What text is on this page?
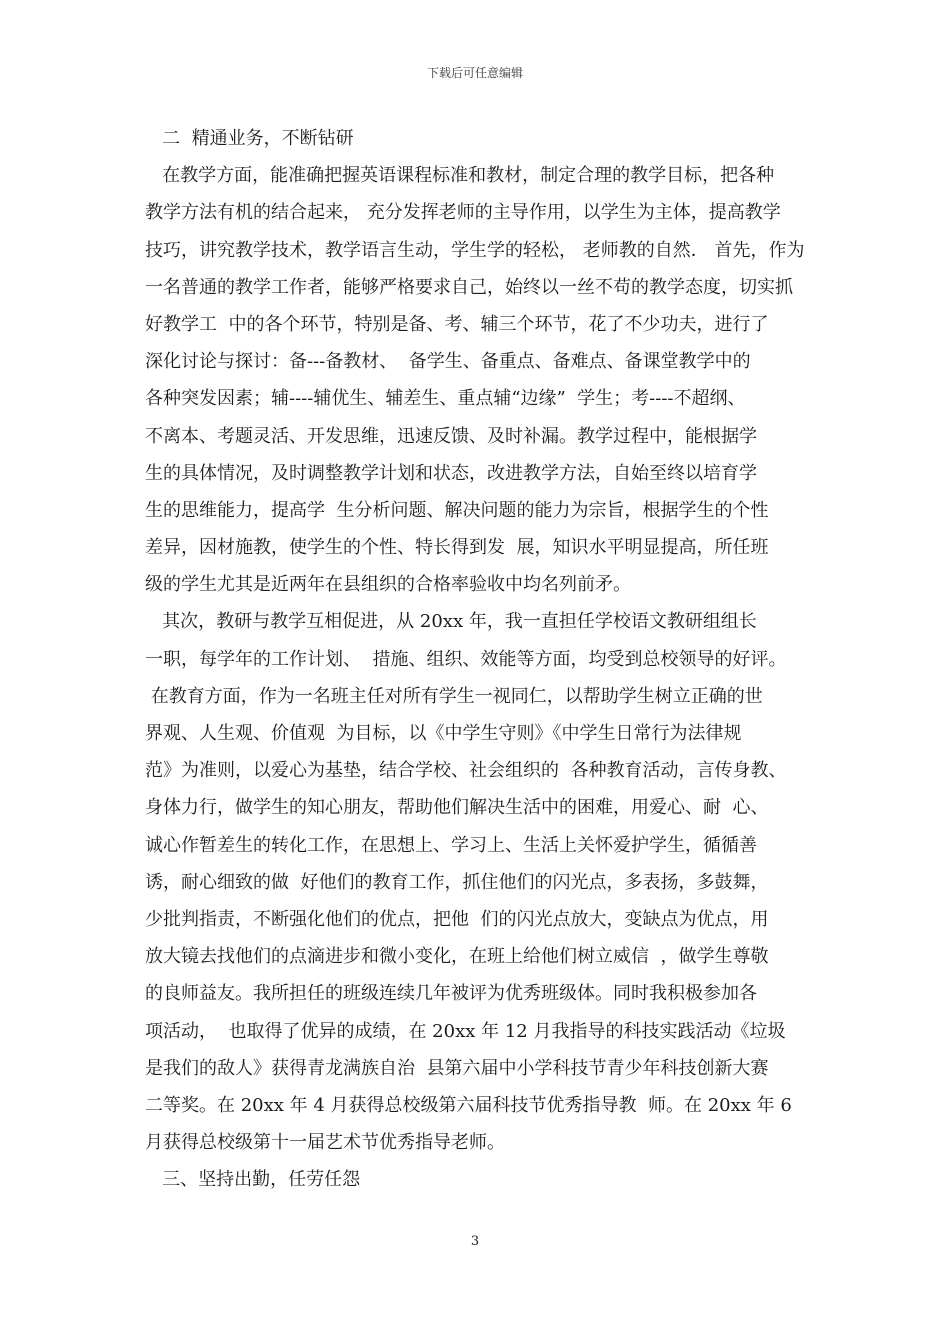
下载后可任意编辑
二  精通业务，不断钻研
在教学方面，能准确把握英语课程标准和教材，制定合理的教学目标，把各种
教学方法有机的结合起来， 充分发挥老师的主导作用，以学生为主体，提高教学
技巧，讲究教学技术，教学语言生动，学生学的轻松， 老师教的自然． 首先，作为
一名普通的教学工作者，能够严格要求自己，始终以一丝不苟的教学态度，切实抓
好教学工  中的各个环节，特别是备、考、辅三个环节，花了不少功夫，进行了
深化讨论与探讨：备---备教材、  备学生、备重点、备难点、备课堂教学中的
各种突发因素；辅----辅优生、辅差生、重点辅“边缘”  学生；考----不超纲、
不离本、考题灵活、开发思维，迅速反馈、及时补漏。教学过程中，能根据学
生的具体情况，及时调整教学计划和状态，改进教学方法，自始至终以培育学
生的思维能力，提高学  生分析问题、解决问题的能力为宗旨，根据学生的个性
差异，因材施教，使学生的个性、特长得到发  展，知识水平明显提高，所任班
级的学生尤其是近两年在县组织的合格率验收中均名列前矛。
其次，教研与教学互相促进，从 20xx 年，我一直担任学校语文教研组组长
一职，每学年的工作计划、  措施、组织、效能等方面，均受到总校领导的好评。
在教育方面，作为一名班主任对所有学生一视同仁，以帮助学生树立正确的世
界观、人生观、价值观  为目标，以《中学生守则》《中学生日常行为法律规
范》为准则，以爱心为基垫，结合学校、社会组织的  各种教育活动，言传身教、
身体力行，做学生的知心朋友，帮助他们解决生活中的困难，用爱心、耐  心、
诚心作暂差生的转化工作，在思想上、学习上、生活上关怀爱护学生，循循善
诱，耐心细致的做  好他们的教育工作，抓住他们的闪光点，多表扬，多鼓舞，
少批判指责，不断强化他们的优点，把他  们的闪光点放大，变缺点为优点，用
放大镜去找他们的点滴进步和微小变化，在班上给他们树立威信  ，做学生尊敬
的良师益友。我所担任的班级连续几年被评为优秀班级体。同时我积极参加各
项活动，  也取得了优异的成绩，在 20xx 年 12 月我指导的科技实践活动《垃圾
是我们的敌人》获得青龙满族自治  县第六届中小学科技节青少年科技创新大赛
二等奖。在 20xx 年 4 月获得总校级第六届科技节优秀指导教  师。在 20xx 年 6
月获得总校级第十一届艺术节优秀指导老师。
三、坚持出勤，任劳任怨
3
